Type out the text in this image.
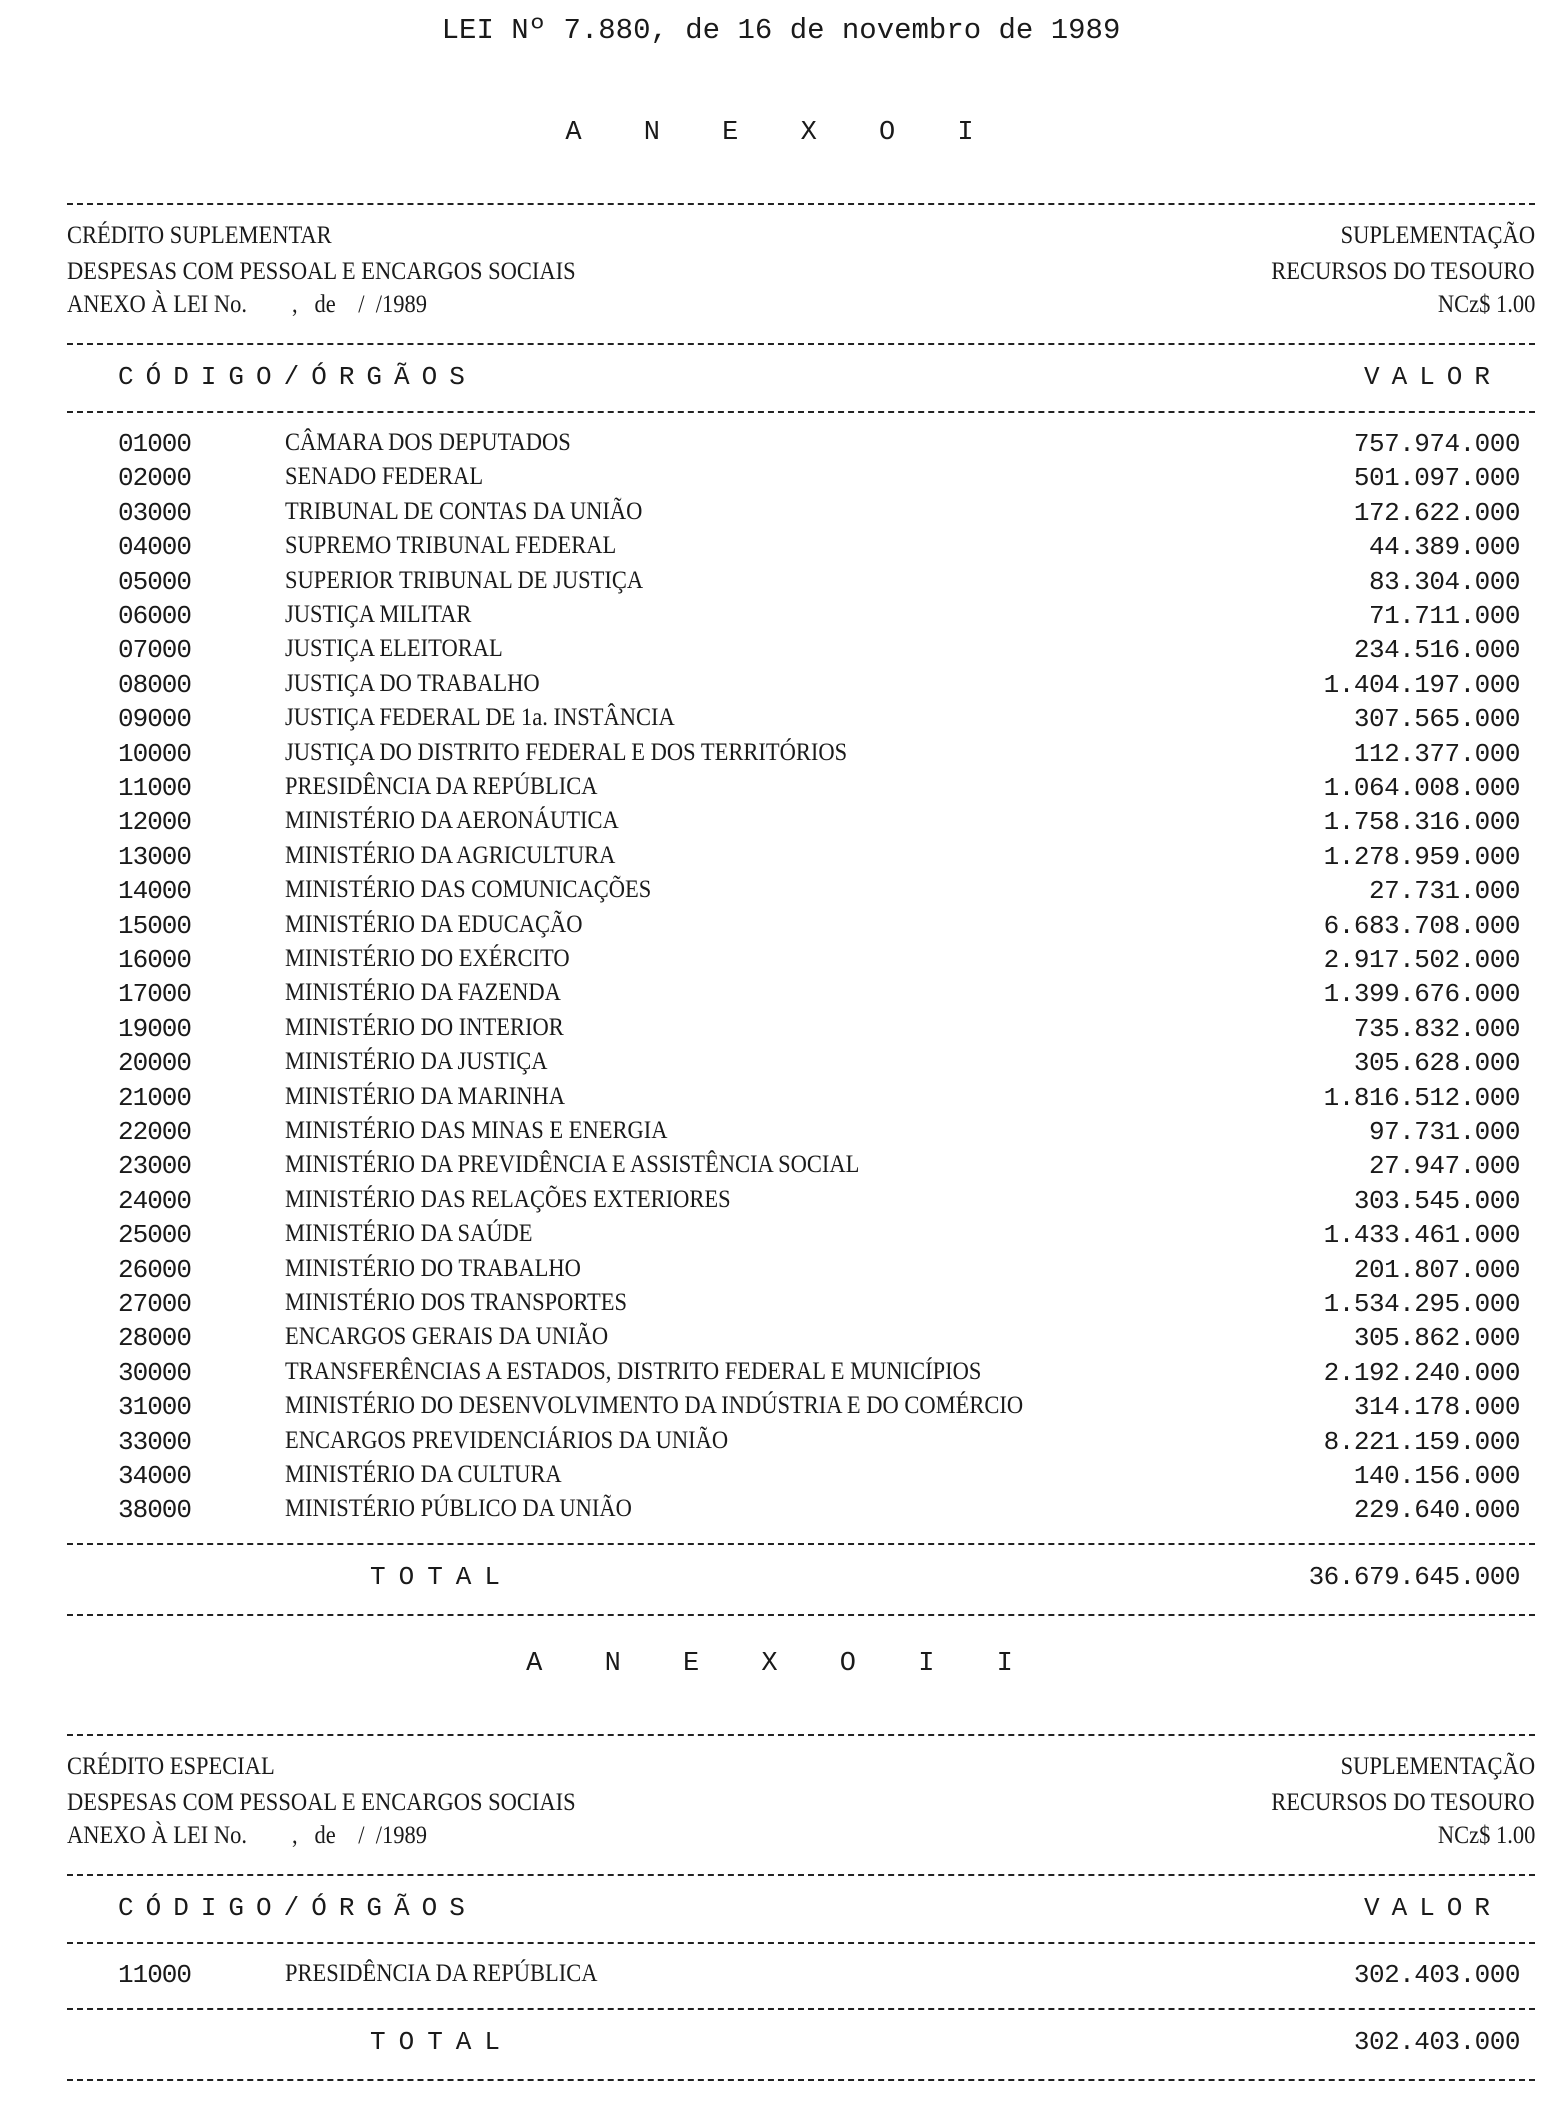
LEI Nº 7.880, de 16 de novembro de 1989
A N E X O I
CRÉDITO SUPLEMENTAR	SUPLEMENTAÇÃO
DESPESAS COM PESSOAL E ENCARGOS SOCIAIS	RECURSOS DO TESOURO
ANEXO À LEI No.        ,   de    /  /1989	NCz$ 1.00
CÓDIGO/ÓRGÃOS	VALOR
01000	CÂMARA DOS DEPUTADOS	757.974.000
02000	SENADO FEDERAL	501.097.000
03000	TRIBUNAL DE CONTAS DA UNIÃO	172.622.000
04000	SUPREMO TRIBUNAL FEDERAL	44.389.000
05000	SUPERIOR TRIBUNAL DE JUSTIÇA	83.304.000
06000	JUSTIÇA MILITAR	71.711.000
07000	JUSTIÇA ELEITORAL	234.516.000
08000	JUSTIÇA DO TRABALHO	1.404.197.000
09000	JUSTIÇA FEDERAL DE 1a. INSTÂNCIA	307.565.000
10000	JUSTIÇA DO DISTRITO FEDERAL E DOS TERRITÓRIOS	112.377.000
11000	PRESIDÊNCIA DA REPÚBLICA	1.064.008.000
12000	MINISTÉRIO DA AERONÁUTICA	1.758.316.000
13000	MINISTÉRIO DA AGRICULTURA	1.278.959.000
14000	MINISTÉRIO DAS COMUNICAÇÕES	27.731.000
15000	MINISTÉRIO DA EDUCAÇÃO	6.683.708.000
16000	MINISTÉRIO DO EXÉRCITO	2.917.502.000
17000	MINISTÉRIO DA FAZENDA	1.399.676.000
19000	MINISTÉRIO DO INTERIOR	735.832.000
20000	MINISTÉRIO DA JUSTIÇA	305.628.000
21000	MINISTÉRIO DA MARINHA	1.816.512.000
22000	MINISTÉRIO DAS MINAS E ENERGIA	97.731.000
23000	MINISTÉRIO DA PREVIDÊNCIA E ASSISTÊNCIA SOCIAL	27.947.000
24000	MINISTÉRIO DAS RELAÇÕES EXTERIORES	303.545.000
25000	MINISTÉRIO DA SAÚDE	1.433.461.000
26000	MINISTÉRIO DO TRABALHO	201.807.000
27000	MINISTÉRIO DOS TRANSPORTES	1.534.295.000
28000	ENCARGOS GERAIS DA UNIÃO	305.862.000
30000	TRANSFERÊNCIAS A ESTADOS, DISTRITO FEDERAL E MUNICÍPIOS	2.192.240.000
31000	MINISTÉRIO DO DESENVOLVIMENTO DA INDÚSTRIA E DO COMÉRCIO	314.178.000
33000	ENCARGOS PREVIDENCIÁRIOS DA UNIÃO	8.221.159.000
34000	MINISTÉRIO DA CULTURA	140.156.000
38000	MINISTÉRIO PÚBLICO DA UNIÃO	229.640.000
TOTAL	36.679.645.000
A N E X O I I
CRÉDITO ESPECIAL	SUPLEMENTAÇÃO
DESPESAS COM PESSOAL E ENCARGOS SOCIAIS	RECURSOS DO TESOURO
ANEXO À LEI No.        ,   de    /  /1989	NCz$ 1.00
CÓDIGO/ÓRGÃOS	VALOR
11000	PRESIDÊNCIA DA REPÚBLICA	302.403.000
TOTAL	302.403.000
